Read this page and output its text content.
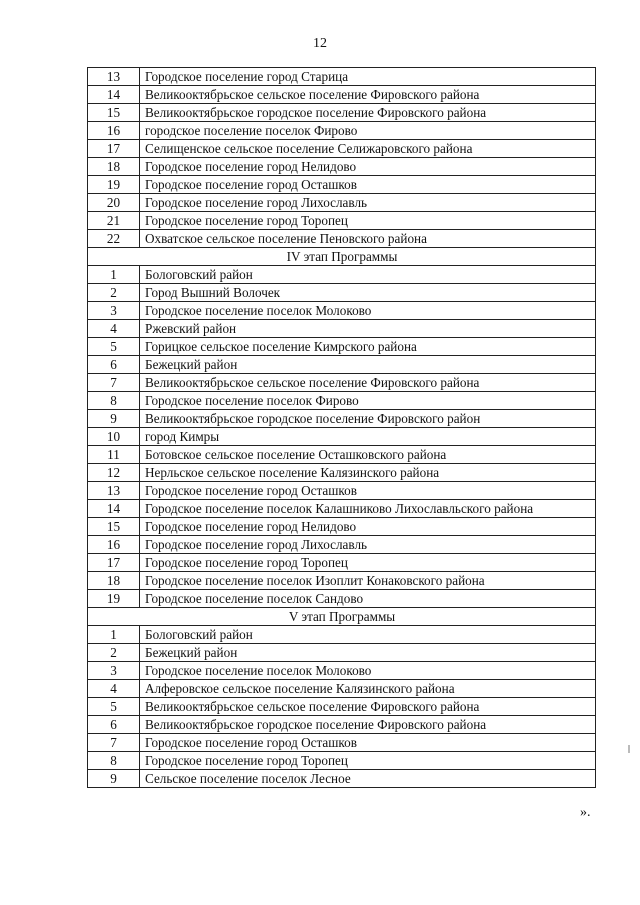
12
13	Городское поселение город Старица
14	Великооктябрьское сельское поселение Фировского района
15	Великооктябрьское городское поселение Фировского района
16	городское поселение поселок Фирово
17	Селищенское сельское поселение Селижаровского района
18	Городское поселение город Нелидово
19	Городское поселение город Осташков
20	Городское поселение город Лихославль
21	Городское поселение город Торопец
22	Охватское сельское поселение Пеновского района
IV этап Программы	
1	Бологовский район
2	Город Вышний Волочек
3	Городское поселение поселок Молоково
4	Ржевский район
5	Горицкое сельское поселение Кимрского района
6	Бежецкий район
7	Великооктябрьское сельское поселение Фировского района
8	Городское поселение поселок Фирово
9	Великооктябрьское городское поселение Фировского район
10	город Кимры
11	Ботовское сельское поселение Осташковского района
12	Нерльское сельское поселение Калязинского района
13	Городское поселение город Осташков
14	Городское поселение поселок Калашниково Лихославльского района
15	Городское поселение город Нелидово
16	Городское поселение город Лихославль
17	Городское поселение город Торопец
18	Городское поселение поселок Изоплит Конаковского района
19	Городское поселение поселок Сандово
V этап Программы	
1	Бологовский район
2	Бежецкий район
3	Городское поселение поселок Молоково
4	Алферовское сельское поселение Калязинского района
5	Великооктябрьское сельское поселение Фировского района
6	Великооктябрьское городское поселение Фировского района
7	Городское поселение город Осташков
8	Городское поселение город Торопец
9	Сельское поселение поселок Лесное
».
